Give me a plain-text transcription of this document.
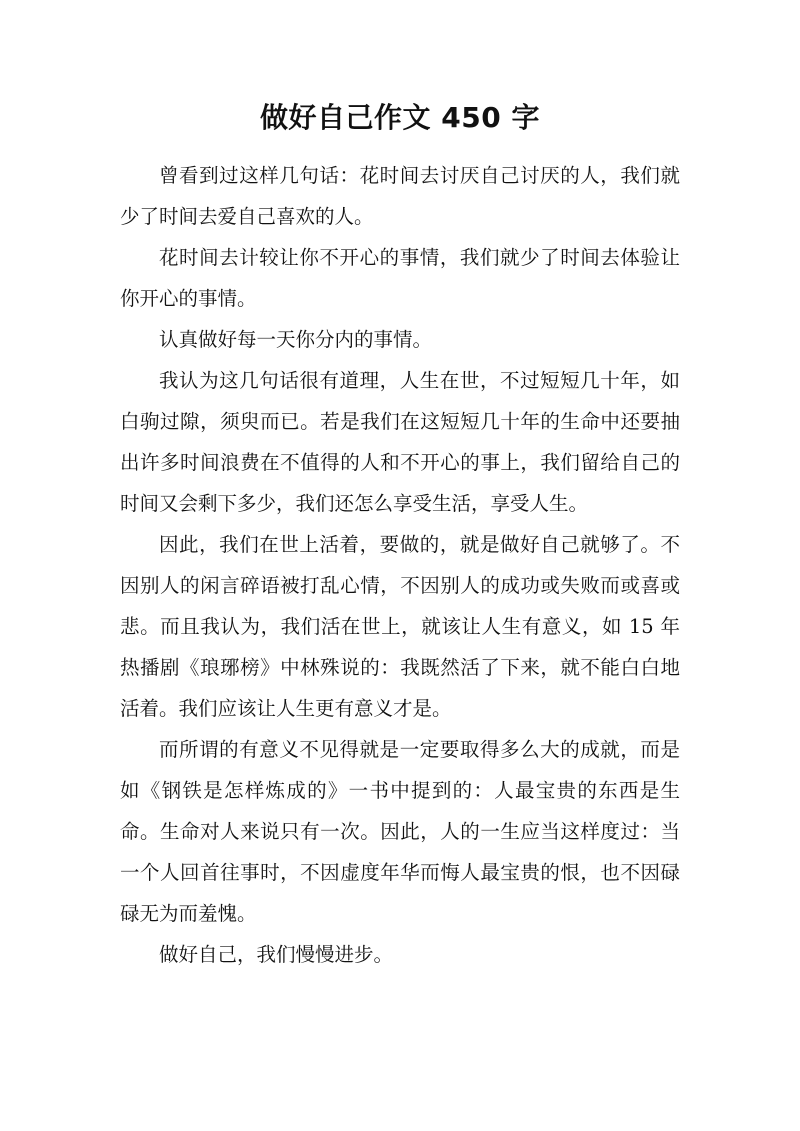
做好自己作文 450 字

曾看到过这样几句话：花时间去讨厌自己讨厌的人，我们就少了时间去爱自己喜欢的人。

花时间去计较让你不开心的事情，我们就少了时间去体验让你开心的事情。

认真做好每一天你分内的事情。

我认为这几句话很有道理，人生在世，不过短短几十年，如白驹过隙，须臾而已。若是我们在这短短几十年的生命中还要抽出许多时间浪费在不值得的人和不开心的事上，我们留给自己的时间又会剩下多少，我们还怎么享受生活，享受人生。

因此，我们在世上活着，要做的，就是做好自己就够了。不因别人的闲言碎语被打乱心情，不因别人的成功或失败而或喜或悲。而且我认为，我们活在世上，就该让人生有意义，如 15 年热播剧《琅琊榜》中林殊说的：我既然活了下来，就不能白白地活着。我们应该让人生更有意义才是。

而所谓的有意义不见得就是一定要取得多么大的成就，而是如《钢铁是怎样炼成的》一书中提到的：人最宝贵的东西是生命。生命对人来说只有一次。因此，人的一生应当这样度过：当一个人回首往事时，不因虚度年华而悔人最宝贵的恨，也不因碌碌无为而羞愧。

做好自己，我们慢慢进步。
